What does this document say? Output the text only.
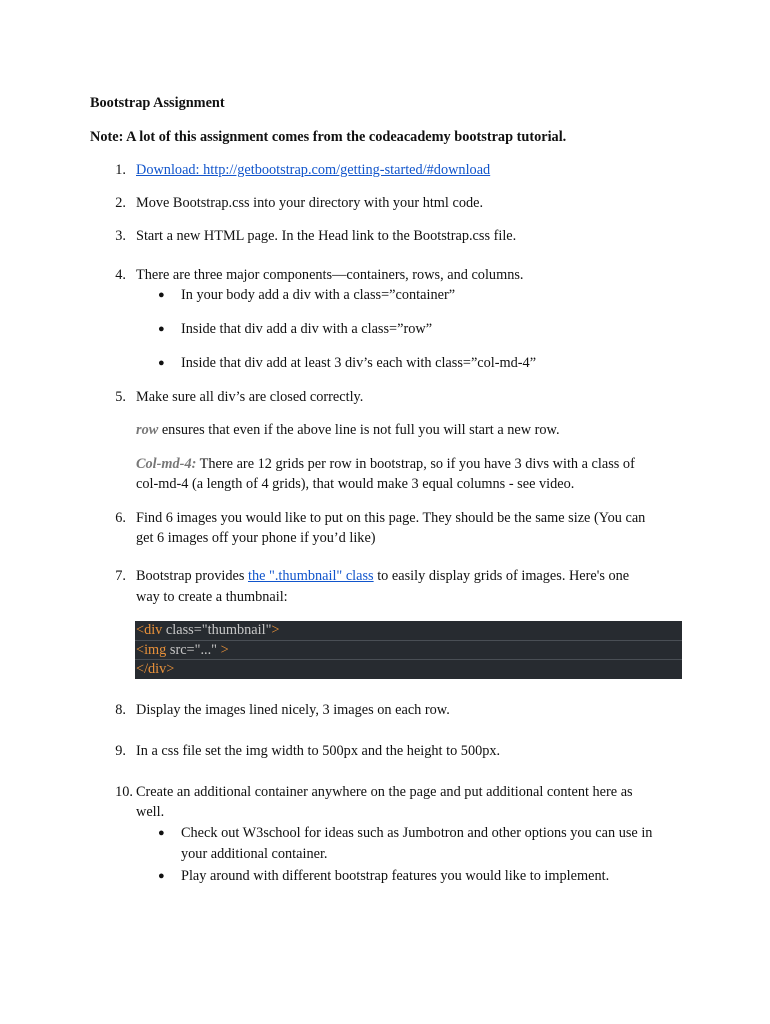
Bootstrap Assignment
Note: A lot of this assignment comes from the codeacademy bootstrap tutorial.
1. Download: http://getbootstrap.com/getting-started/#download
2. Move Bootstrap.css into your directory with your html code.
3. Start a new HTML page. In the Head link to the Bootstrap.css file.
4. There are three major components—containers, rows, and columns.
● In your body add a div with a class=”container”
● Inside that div add a div with a class=”row”
● Inside that div add at least 3 div’s each with class=”col-md-4”
5. Make sure all div’s are closed correctly.
row ensures that even if the above line is not full you will start a new row.
Col-md-4: There are 12 grids per row in bootstrap, so if you have 3 divs with a class of
col-md-4 (a length of 4 grids), that would make 3 equal columns - see video.
6. Find 6 images you would like to put on this page. They should be the same size (You can
get 6 images off your phone if you’d like)
7. Bootstrap provides the ".thumbnail" class to easily display grids of images. Here's one
way to create a thumbnail:
<div class="thumbnail">
<img src="..." >
</div>
8. Display the images lined nicely, 3 images on each row.
9. In a css file set the img width to 500px and the height to 500px.
10. Create an additional container anywhere on the page and put additional content here as
well.
● Check out W3school for ideas such as Jumbotron and other options you can use in
your additional container.
● Play around with different bootstrap features you would like to implement.
